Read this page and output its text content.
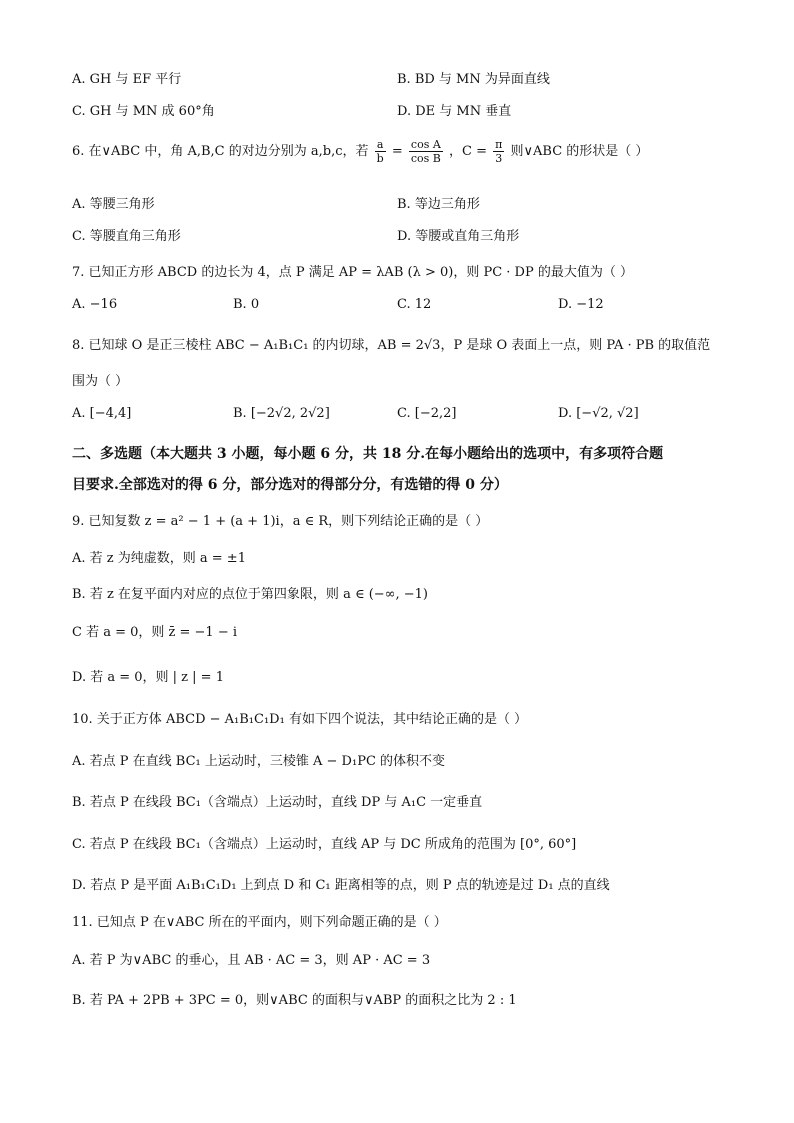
A. GH 与 EF 平行	B. BD 与 MN 为异面直线
C. GH 与 MN 成 60°角	D. DE 与 MN 垂直
6. 在∨ABC 中，角 A,B,C 的对边分别为 a,b,c，若 $\frac{a}{b} = \frac{\text{cos A}}{\text{cos B}}$ ，$C = \frac{\pi}{3}$ 则∨ABC 的形状是（ ）
A. 等腰三角形	B. 等边三角形
C. 等腰直角三角形	D. 等腰或直角三角形
7. 已知正方形 ABCD 的边长为 4，点 P 满足 AP = λAB (λ > 0)，则 PC · DP 的最大值为（ ）
A. −16	B. 0	C. 12	D. −12
8. 已知球 O 是正三棱柱 ABC − A₁B₁C₁ 的内切球，AB = 2√3，P 是球 O 表面上一点，则 PA · PB 的取值范
围为（ ）
A. [−4,4]	B. [−2√2, 2√2]	C. [−2,2]	D. [−√2, √2]
二、多选题（本大题共 3 小题，每小题 6 分，共 18 分.在每小题给出的选项中，有多项符合题
目要求.全部选对的得 6 分，部分选对的得部分分，有选错的得 0 分）
9. 已知复数 z = a² − 1 + (a + 1)i，a ∈ R，则下列结论正确的是（ ）
A. 若 z 为纯虚数，则 a = ±1
B. 若 z 在复平面内对应的点位于第四象限，则 a ∈ (−∞, −1)
C 若 a = 0，则 z̄ = −1 − i
D. 若 a = 0，则 | z | = 1
10. 关于正方体 ABCD − A₁B₁C₁D₁ 有如下四个说法，其中结论正确的是（ ）
A. 若点 P 在直线 BC₁ 上运动时，三棱锥 A − D₁PC 的体积不变
B. 若点 P 在线段 BC₁（含端点）上运动时，直线 DP 与 A₁C 一定垂直
C. 若点 P 在线段 BC₁（含端点）上运动时，直线 AP 与 DC 所成角的范围为 [0°, 60°]
D. 若点 P 是平面 A₁B₁C₁D₁ 上到点 D 和 C₁ 距离相等的点，则 P 点的轨迹是过 D₁ 点的直线
11. 已知点 P 在∨ABC 所在的平面内，则下列命题正确的是（ ）
A. 若 P 为∨ABC 的垂心，且 AB · AC = 3，则 AP · AC = 3
B. 若 PA + 2PB + 3PC = 0，则∨ABC 的面积与∨ABP 的面积之比为 2 : 1
